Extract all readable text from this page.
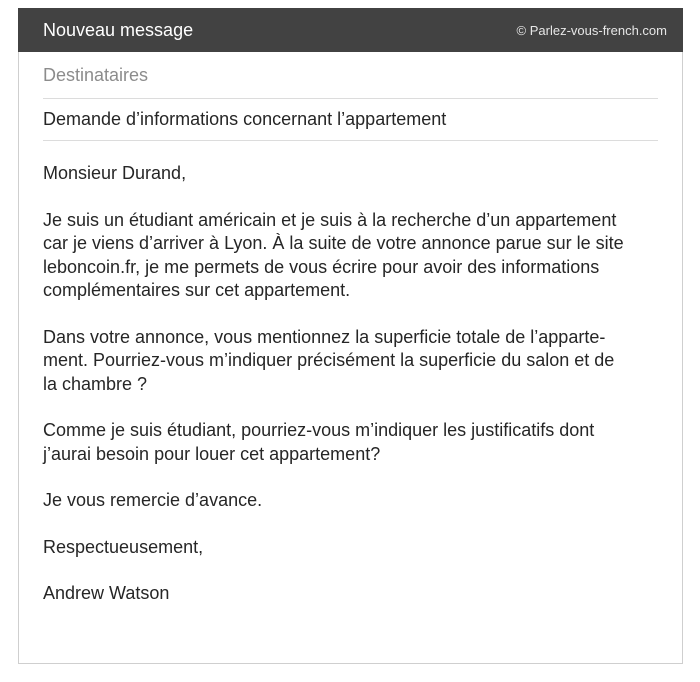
Nouveau message	© Parlez-vous-french.com
Destinataires
Demande d’informations concernant l’appartement

Monsieur Durand,

Je suis un étudiant américain et je suis à la recherche d’un appartement
car je viens d’arriver à Lyon. À la suite de votre annonce parue sur le site
leboncoin.fr, je me permets de vous écrire pour avoir des informations
complémentaires sur cet appartement.

Dans votre annonce, vous mentionnez la superficie totale de l’apparte-
ment. Pourriez-vous m’indiquer précisément la superficie du salon et de
la chambre ?

Comme je suis étudiant, pourriez-vous m’indiquer les justificatifs dont
j’aurai besoin pour louer cet appartement?

Je vous remercie d’avance.

Respectueusement,

Andrew Watson
